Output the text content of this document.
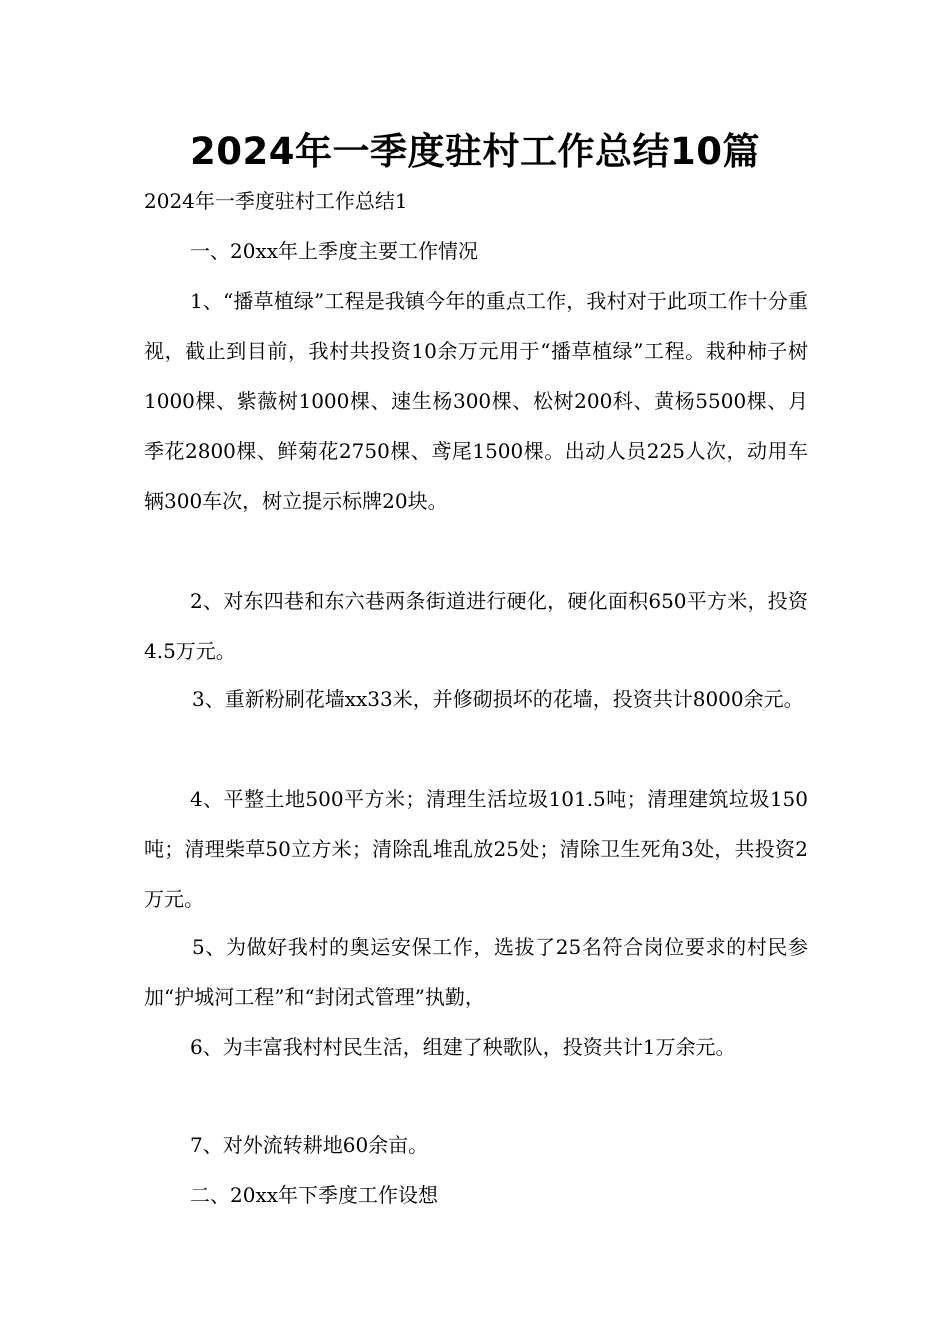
2024年一季度驻村工作总结10篇

2024年一季度驻村工作总结1

一、20xx年上季度主要工作情况

1、“播草植绿”工程是我镇今年的重点工作，我村对于此项工作十分重视，截止到目前，我村共投资10余万元用于“播草植绿”工程。栽种柿子树1000棵、紫薇树1000棵、速生杨300棵、松树200科、黄杨5500棵、月季花2800棵、鲜菊花2750棵、鸢尾1500棵。出动人员225人次，动用车辆300车次，树立提示标牌20块。

2、对东四巷和东六巷两条街道进行硬化，硬化面积650平方米，投资4.5万元。

3、重新粉刷花墙xx33米，并修砌损坏的花墙，投资共计8000余元。

4、平整土地500平方米；清理生活垃圾101.5吨；清理建筑垃圾150吨；清理柴草50立方米；清除乱堆乱放25处；清除卫生死角3处，共投资2万元。

5、为做好我村的奥运安保工作，选拔了25名符合岗位要求的村民参加“护城河工程”和“封闭式管理”执勤，

6、为丰富我村村民生活，组建了秧歌队，投资共计1万余元。

7、对外流转耕地60余亩。

二、20xx年下季度工作设想
